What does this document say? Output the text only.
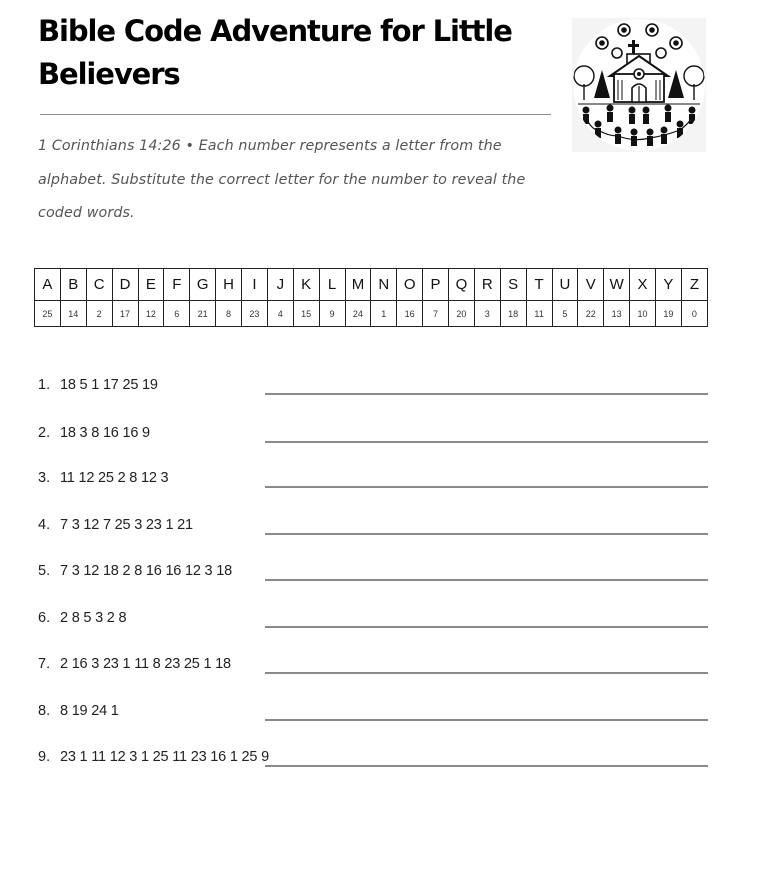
Bible Code Adventure for Little Believers
1 Corinthians 14:26 • Each number represents a letter from the alphabet. Substitute the correct letter for the number to reveal the coded words.
A	B	C	D	E	F	G	H	I	J	K	L	M	N	O	P	Q	R	S	T	U	V	W	X	Y	Z
25	14	2	17	12	6	21	8	23	4	15	9	24	1	16	7	20	3	18	11	5	22	13	10	19	0
1. 18 5 1 17 25 19
2. 18 3 8 16 16 9
3. 11 12 25 2 8 12 3
4. 7 3 12 7 25 3 23 1 21
5. 7 3 12 18 2 8 16 16 12 3 18
6. 2 8 5 3 2 8
7. 2 16 3 23 1 11 8 23 25 1 18
8. 8 19 24 1
9. 23 1 11 12 3 1 25 11 23 16 1 25 9
